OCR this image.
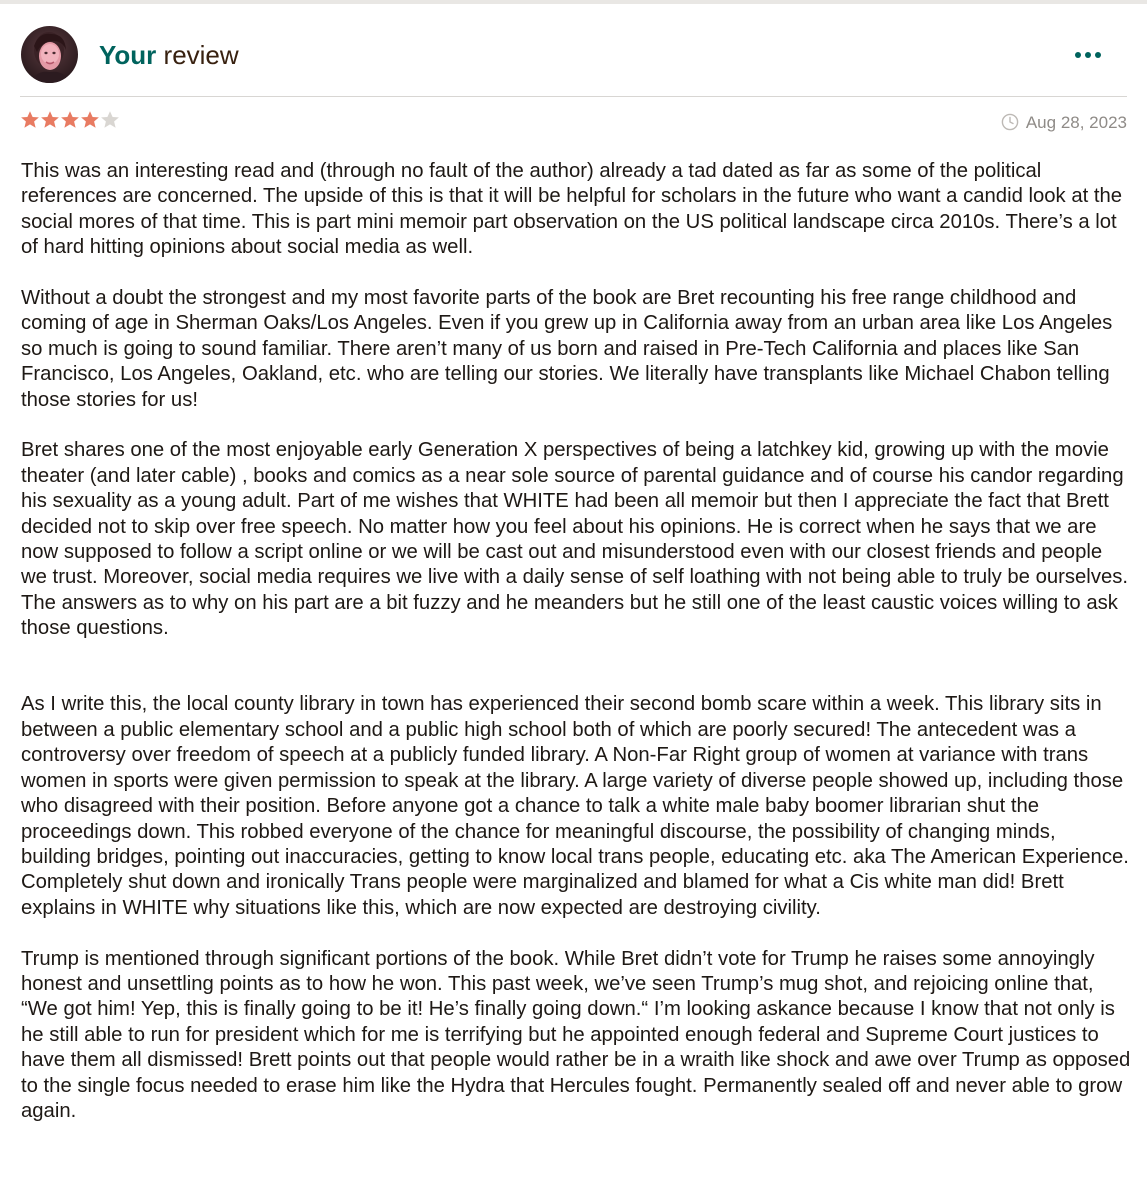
Your review
Aug 28, 2023

This was an interesting read and (through no fault of the author) already a tad dated as far as some of the political references are concerned. The upside of this is that it will be helpful for scholars in the future who want a candid look at the social mores of that time. This is part mini memoir part observation on the US political landscape circa 2010s. There’s a lot of hard hitting opinions about social media as well.

Without a doubt the strongest and my most favorite parts of the book are Bret recounting his free range childhood and coming of age in Sherman Oaks/Los Angeles. Even if you grew up in California away from an urban area like Los Angeles so much is going to sound familiar. There aren’t many of us born and raised in Pre-Tech California and places like San Francisco, Los Angeles, Oakland, etc. who are telling our stories. We literally have transplants like Michael Chabon telling those stories for us!

Bret shares one of the most enjoyable early Generation X perspectives of being a latchkey kid, growing up with the movie theater (and later cable) , books and comics as a near sole source of parental guidance and of course his candor regarding his sexuality as a young adult. Part of me wishes that WHITE had been all memoir but then I appreciate the fact that Brett decided not to skip over free speech. No matter how you feel about his opinions. He is correct when he says that we are now supposed to follow a script online or we will be cast out and misunderstood even with our closest friends and people we trust. Moreover, social media requires we live with a daily sense of self loathing with not being able to truly be ourselves. The answers as to why on his part are a bit fuzzy and he meanders but he still one of the least caustic voices willing to ask those questions.

As I write this, the local county library in town has experienced their second bomb scare within a week. This library sits in between a public elementary school and a public high school both of which are poorly secured! The antecedent was a controversy over freedom of speech at a publicly funded library. A Non-Far Right group of women at variance with trans women in sports were given permission to speak at the library. A large variety of diverse people showed up, including those who disagreed with their position. Before anyone got a chance to talk a white male baby boomer librarian shut the proceedings down. This robbed everyone of the chance for meaningful discourse, the possibility of changing minds, building bridges, pointing out inaccuracies, getting to know local trans people, educating etc. aka The American Experience. Completely shut down and ironically Trans people were marginalized and blamed for what a Cis white man did! Brett explains in WHITE why situations like this, which are now expected are destroying civility.

Trump is mentioned through significant portions of the book. While Bret didn’t vote for Trump he raises some annoyingly honest and unsettling points as to how he won. This past week, we’ve seen Trump’s mug shot, and rejoicing online that, “We got him! Yep, this is finally going to be it! He’s finally going down.“ I’m looking askance because I know that not only is he still able to run for president which for me is terrifying but he appointed enough federal and Supreme Court justices to have them all dismissed! Brett points out that people would rather be in a wraith like shock and awe over Trump as opposed to the single focus needed to erase him like the Hydra that Hercules fought. Permanently sealed off and never able to grow again.
